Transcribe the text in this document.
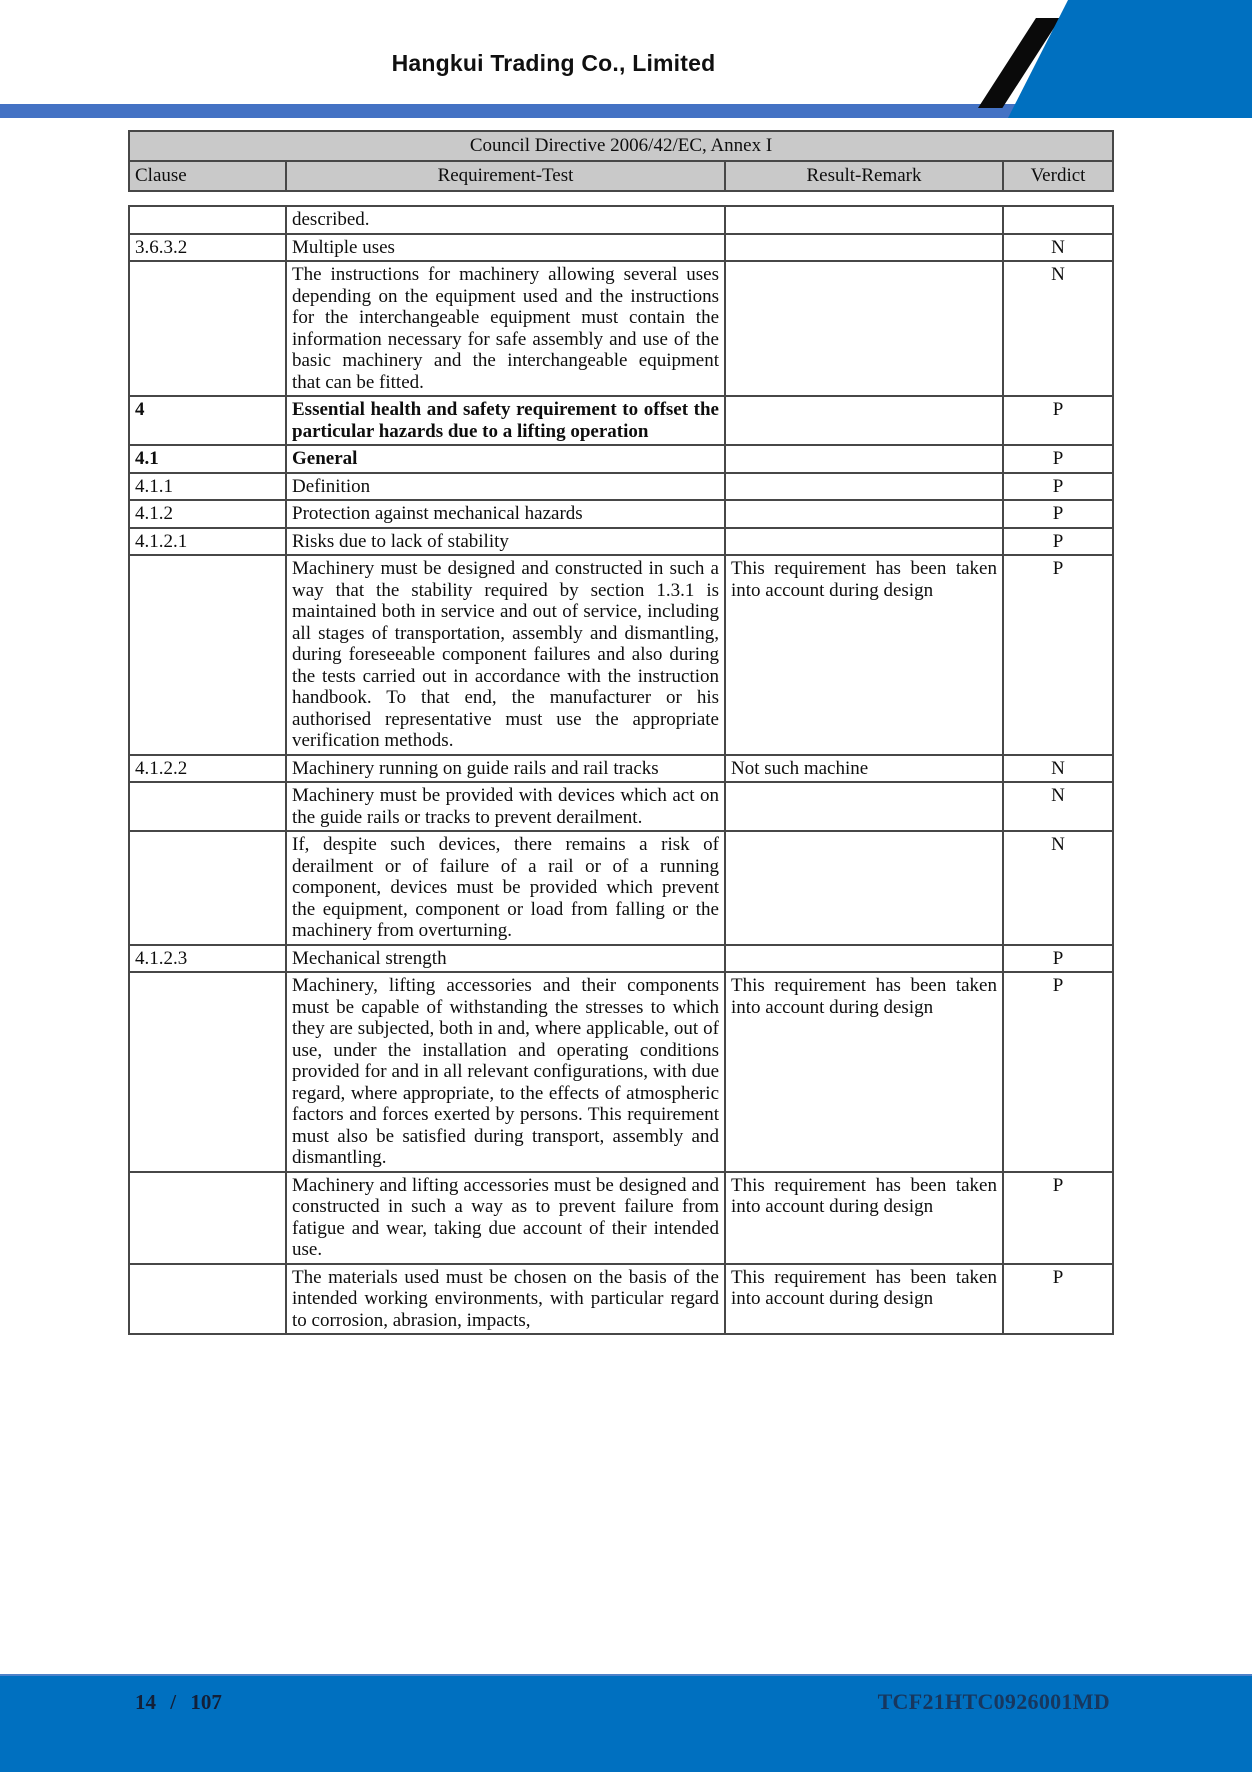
Hangkui Trading Co., Limited
Council Directive 2006/42/EC, Annex I
Clause	Requirement-Test	Result-Remark	Verdict
	described.		
3.6.3.2	Multiple uses		N
	The instructions for machinery allowing several uses depending on the equipment used and the instructions for the interchangeable equipment must contain the information necessary for safe assembly and use of the basic machinery and the interchangeable equipment that can be fitted.		N
4	Essential health and safety requirement to offset the particular hazards due to a lifting operation		P
4.1	General		P
4.1.1	Definition		P
4.1.2	Protection against mechanical hazards		P
4.1.2.1	Risks due to lack of stability		P
	Machinery must be designed and constructed in such a way that the stability required by section 1.3.1 is maintained both in service and out of service, including all stages of transportation, assembly and dismantling, during foreseeable component failures and also during the tests carried out in accordance with the instruction handbook. To that end, the manufacturer or his authorised representative must use the appropriate verification methods.	This requirement has been taken into account during design	P
4.1.2.2	Machinery running on guide rails and rail tracks	Not such machine	N
	Machinery must be provided with devices which act on the guide rails or tracks to prevent derailment.		N
	If, despite such devices, there remains a risk of derailment or of failure of a rail or of a running component, devices must be provided which prevent the equipment, component or load from falling or the machinery from overturning.		N
4.1.2.3	Mechanical strength		P
	Machinery, lifting accessories and their components must be capable of withstanding the stresses to which they are subjected, both in and, where applicable, out of use, under the installation and operating conditions provided for and in all relevant configurations, with due regard, where appropriate, to the effects of atmospheric factors and forces exerted by persons. This requirement must also be satisfied during transport, assembly and dismantling.	This requirement has been taken into account during design	P
	Machinery and lifting accessories must be designed and constructed in such a way as to prevent failure from fatigue and wear, taking due account of their intended use.	This requirement has been taken into account during design	P
	The materials used must be chosen on the basis of the intended working environments, with particular regard to corrosion, abrasion, impacts,	This requirement has been taken into account during design	P
14 / 107	TCF21HTC0926001MD
